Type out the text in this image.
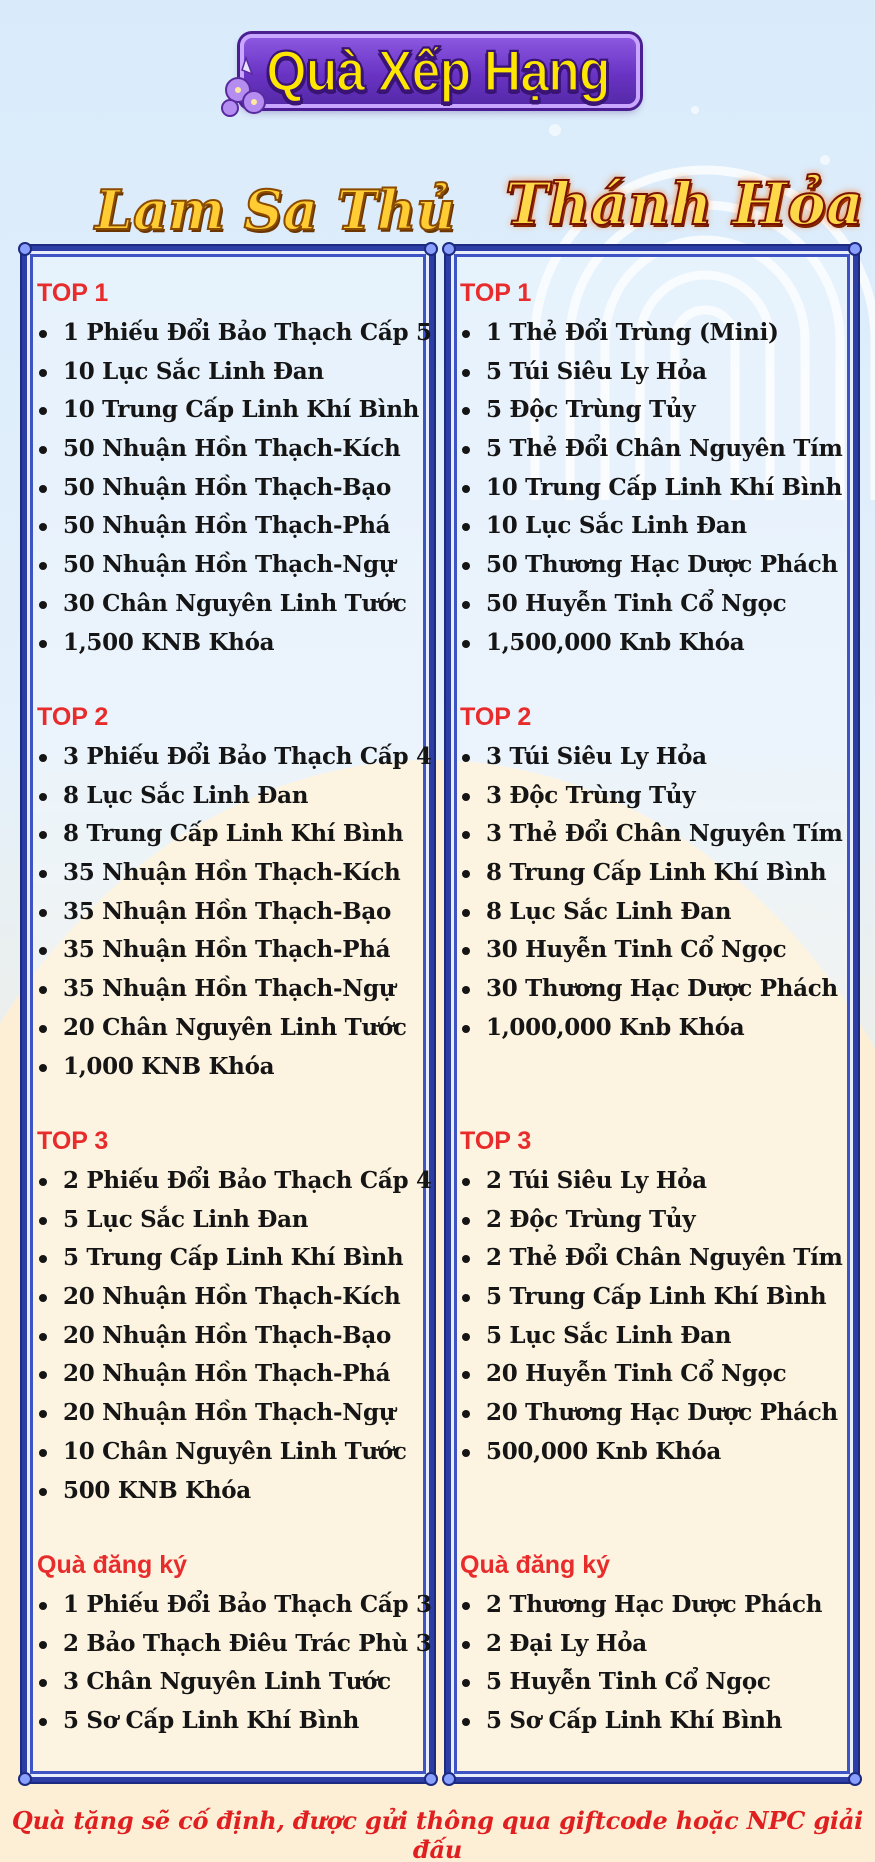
Quà Xếp Hạng
Lam Sa Thủ Thánh Hỏa
TOP 1
1 Phiếu Đổi Bảo Thạch Cấp 5
10 Lục Sắc Linh Đan
10 Trung Cấp Linh Khí Bình
50 Nhuận Hồn Thạch-Kích
50 Nhuận Hồn Thạch-Bạo
50 Nhuận Hồn Thạch-Phá
50 Nhuận Hồn Thạch-Ngự
30 Chân Nguyên Linh Tước
1,500 KNB Khóa
TOP 2
3 Phiếu Đổi Bảo Thạch Cấp 4
8 Lục Sắc Linh Đan
8 Trung Cấp Linh Khí Bình
35 Nhuận Hồn Thạch-Kích
35 Nhuận Hồn Thạch-Bạo
35 Nhuận Hồn Thạch-Phá
35 Nhuận Hồn Thạch-Ngự
20 Chân Nguyên Linh Tước
1,000 KNB Khóa
TOP 3
2 Phiếu Đổi Bảo Thạch Cấp 4
5 Lục Sắc Linh Đan
5 Trung Cấp Linh Khí Bình
20 Nhuận Hồn Thạch-Kích
20 Nhuận Hồn Thạch-Bạo
20 Nhuận Hồn Thạch-Phá
20 Nhuận Hồn Thạch-Ngự
10 Chân Nguyên Linh Tước
500 KNB Khóa
Quà đăng ký
1 Phiếu Đổi Bảo Thạch Cấp 3
2 Bảo Thạch Điêu Trác Phù 3
3 Chân Nguyên Linh Tước
5 Sơ Cấp Linh Khí Bình
TOP 1
1 Thẻ Đổi Trùng (Mini)
5 Túi Siêu Ly Hỏa
5 Độc Trùng Tủy
5 Thẻ Đổi Chân Nguyên Tím
10 Trung Cấp Linh Khí Bình
10 Lục Sắc Linh Đan
50 Thương Hạc Dược Phách
50 Huyễn Tinh Cổ Ngọc
1,500,000 Knb Khóa
TOP 2
3 Túi Siêu Ly Hỏa
3 Độc Trùng Tủy
3 Thẻ Đổi Chân Nguyên Tím
8 Trung Cấp Linh Khí Bình
8 Lục Sắc Linh Đan
30 Huyễn Tinh Cổ Ngọc
30 Thương Hạc Dược Phách
1,000,000 Knb Khóa
TOP 3
2 Túi Siêu Ly Hỏa
2 Độc Trùng Tủy
2 Thẻ Đổi Chân Nguyên Tím
5 Trung Cấp Linh Khí Bình
5 Lục Sắc Linh Đan
20 Huyễn Tinh Cổ Ngọc
20 Thương Hạc Dược Phách
500,000 Knb Khóa
Quà đăng ký
2 Thương Hạc Dược Phách
2 Đại Ly Hỏa
5 Huyễn Tinh Cổ Ngọc
5 Sơ Cấp Linh Khí Bình
Quà tặng sẽ cố định, được gửi thông qua giftcode hoặc NPC giải đấu
